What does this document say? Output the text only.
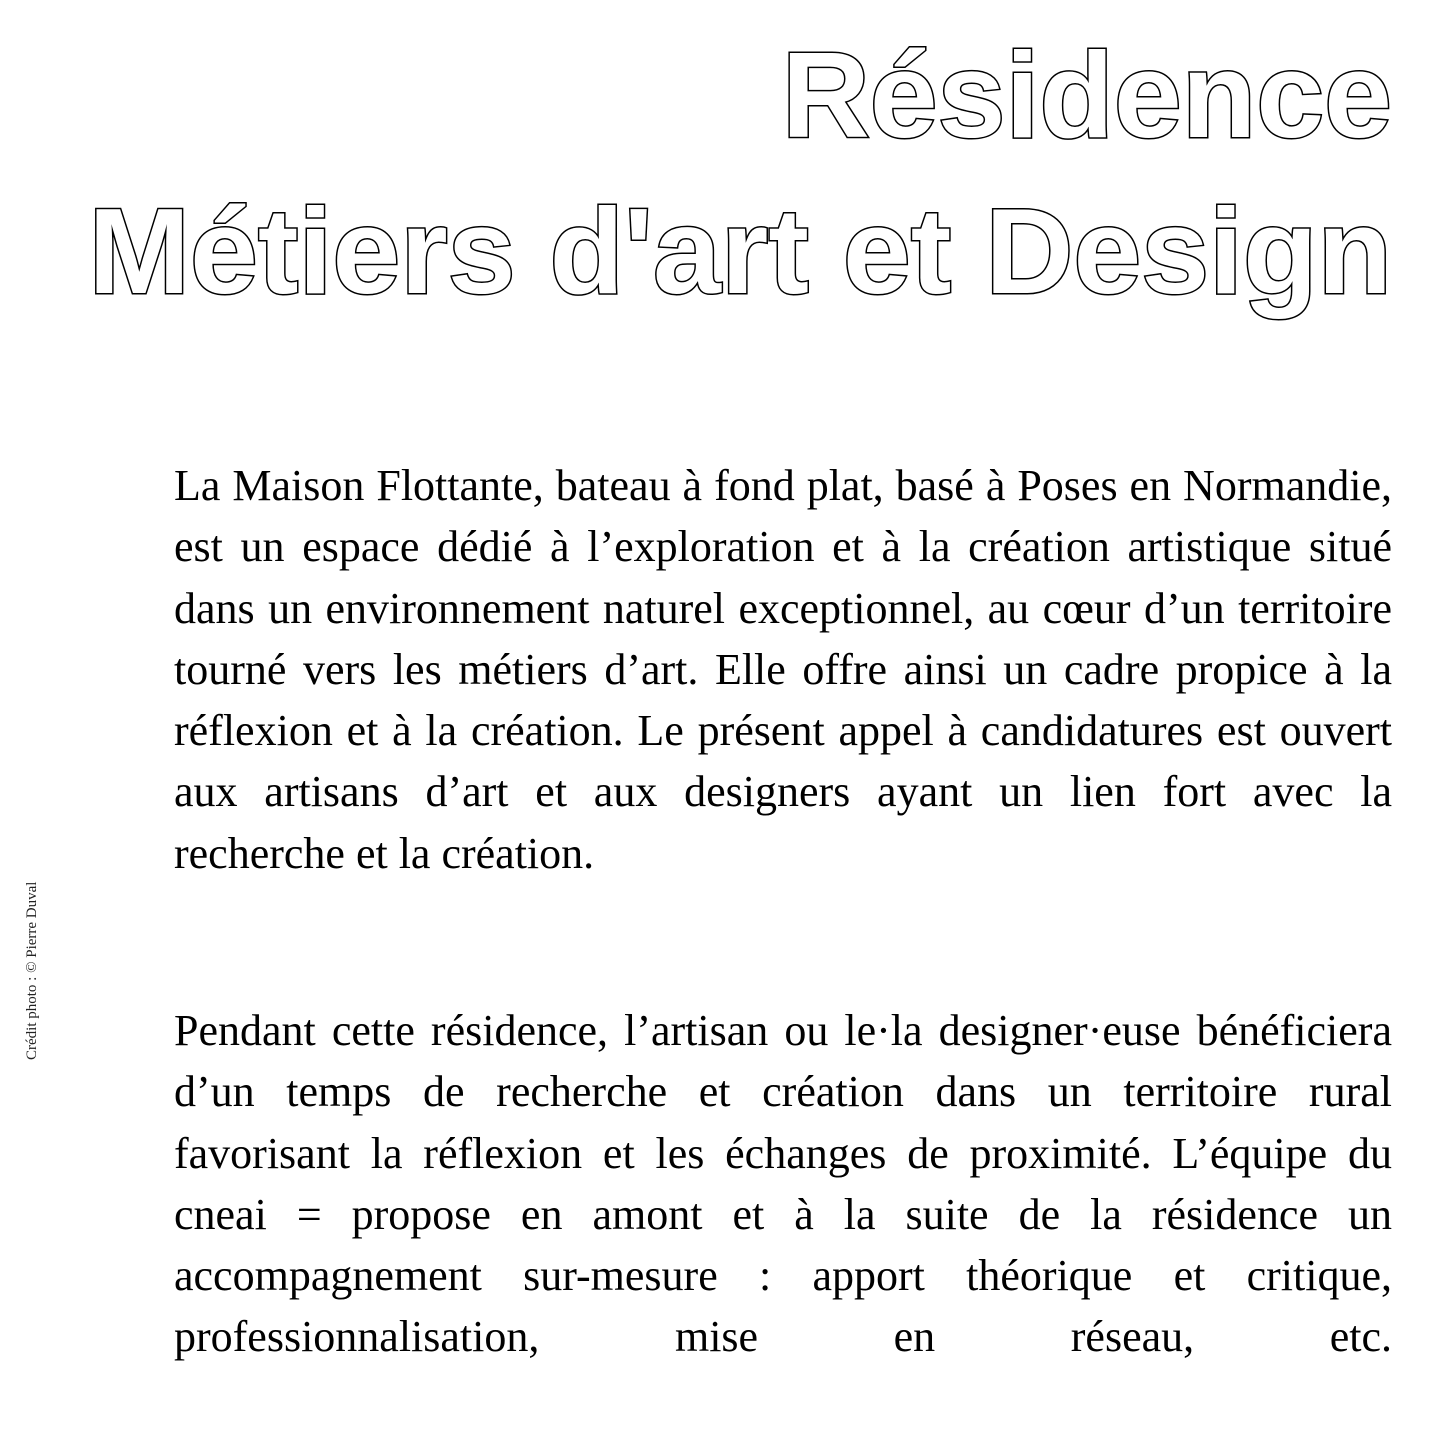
Résidence
Métiers d'art et Design

La Maison Flottante, bateau à fond plat, basé à Poses en Normandie, est un espace dédié à l’exploration et à la création artistique situé dans un environnement naturel exceptionnel, au cœur d’un territoire tourné vers les métiers d’art. Elle offre ainsi un cadre propice à la réflexion et à la création. Le présent appel à candidatures est ouvert aux artisans d’art et aux designers ayant un lien fort avec la recherche et la création.

Pendant cette résidence, l’artisan ou le·la designer·euse bénéficiera d’un temps de recherche et création dans un territoire rural favorisant la réflexion et les échanges de proximité. L’équipe du cneai = propose en amont et à la suite de la résidence un accompagnement sur-mesure : apport théorique et critique, professionnalisation, mise en réseau, etc.

Crédit photo : © Pierre Duval
